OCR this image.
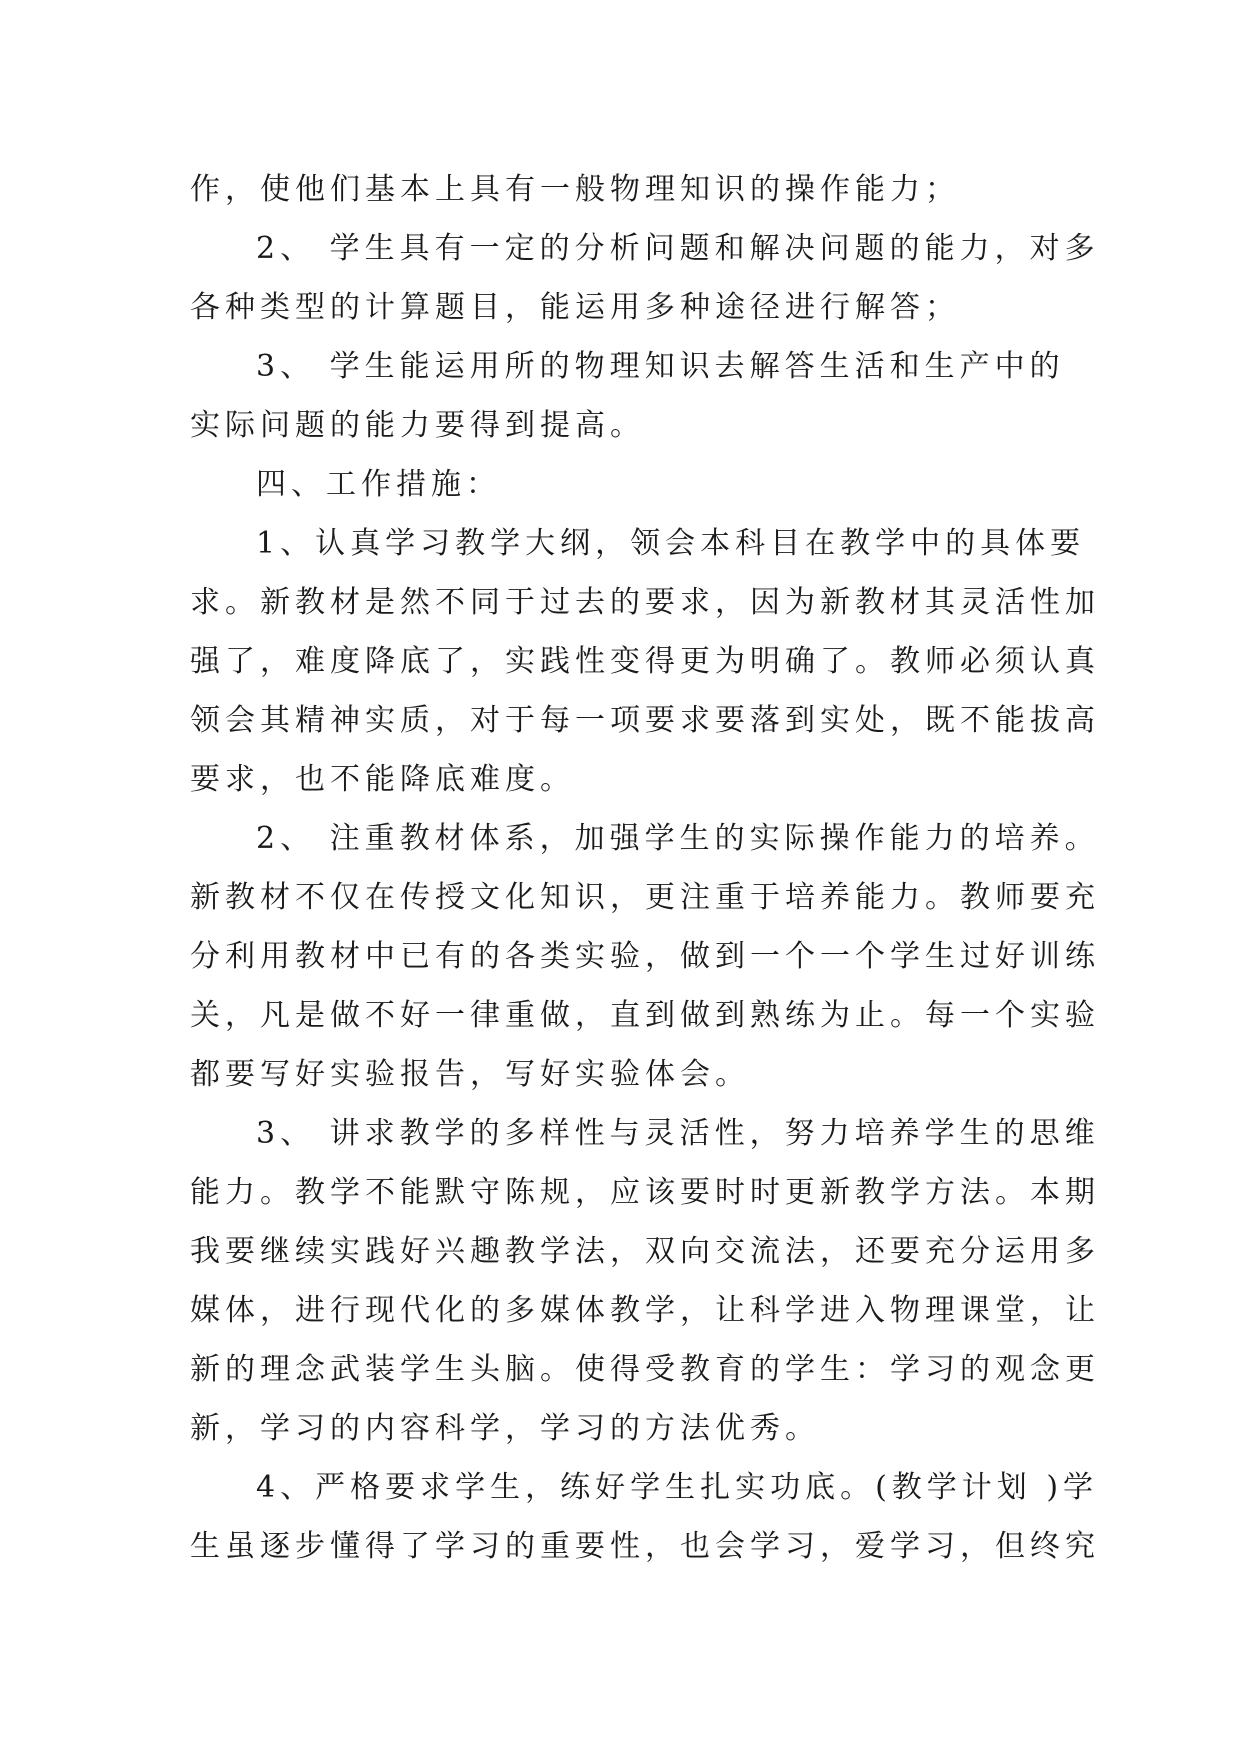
作，使他们基本上具有一般物理知识的操作能力；
2、 学生具有一定的分析问题和解决问题的能力，对多
各种类型的计算题目，能运用多种途径进行解答；
3、 学生能运用所的物理知识去解答生活和生产中的
实际问题的能力要得到提高。
四、工作措施：
1、认真学习教学大纲，领会本科目在教学中的具体要
求。新教材是然不同于过去的要求，因为新教材其灵活性加
强了，难度降底了，实践性变得更为明确了。教师必须认真
领会其精神实质，对于每一项要求要落到实处，既不能拔高
要求，也不能降底难度。
2、 注重教材体系，加强学生的实际操作能力的培养。
新教材不仅在传授文化知识，更注重于培养能力。教师要充
分利用教材中已有的各类实验，做到一个一个学生过好训练
关，凡是做不好一律重做，直到做到熟练为止。每一个实验
都要写好实验报告，写好实验体会。
3、 讲求教学的多样性与灵活性，努力培养学生的思维
能力。教学不能默守陈规，应该要时时更新教学方法。本期
我要继续实践好兴趣教学法，双向交流法，还要充分运用多
媒体，进行现代化的多媒体教学，让科学进入物理课堂，让
新的理念武装学生头脑。使得受教育的学生：学习的观念更
新，学习的内容科学，学习的方法优秀。
4、严格要求学生，练好学生扎实功底。(教学计划 )学
生虽逐步懂得了学习的重要性，也会学习，爱学习，但终究
